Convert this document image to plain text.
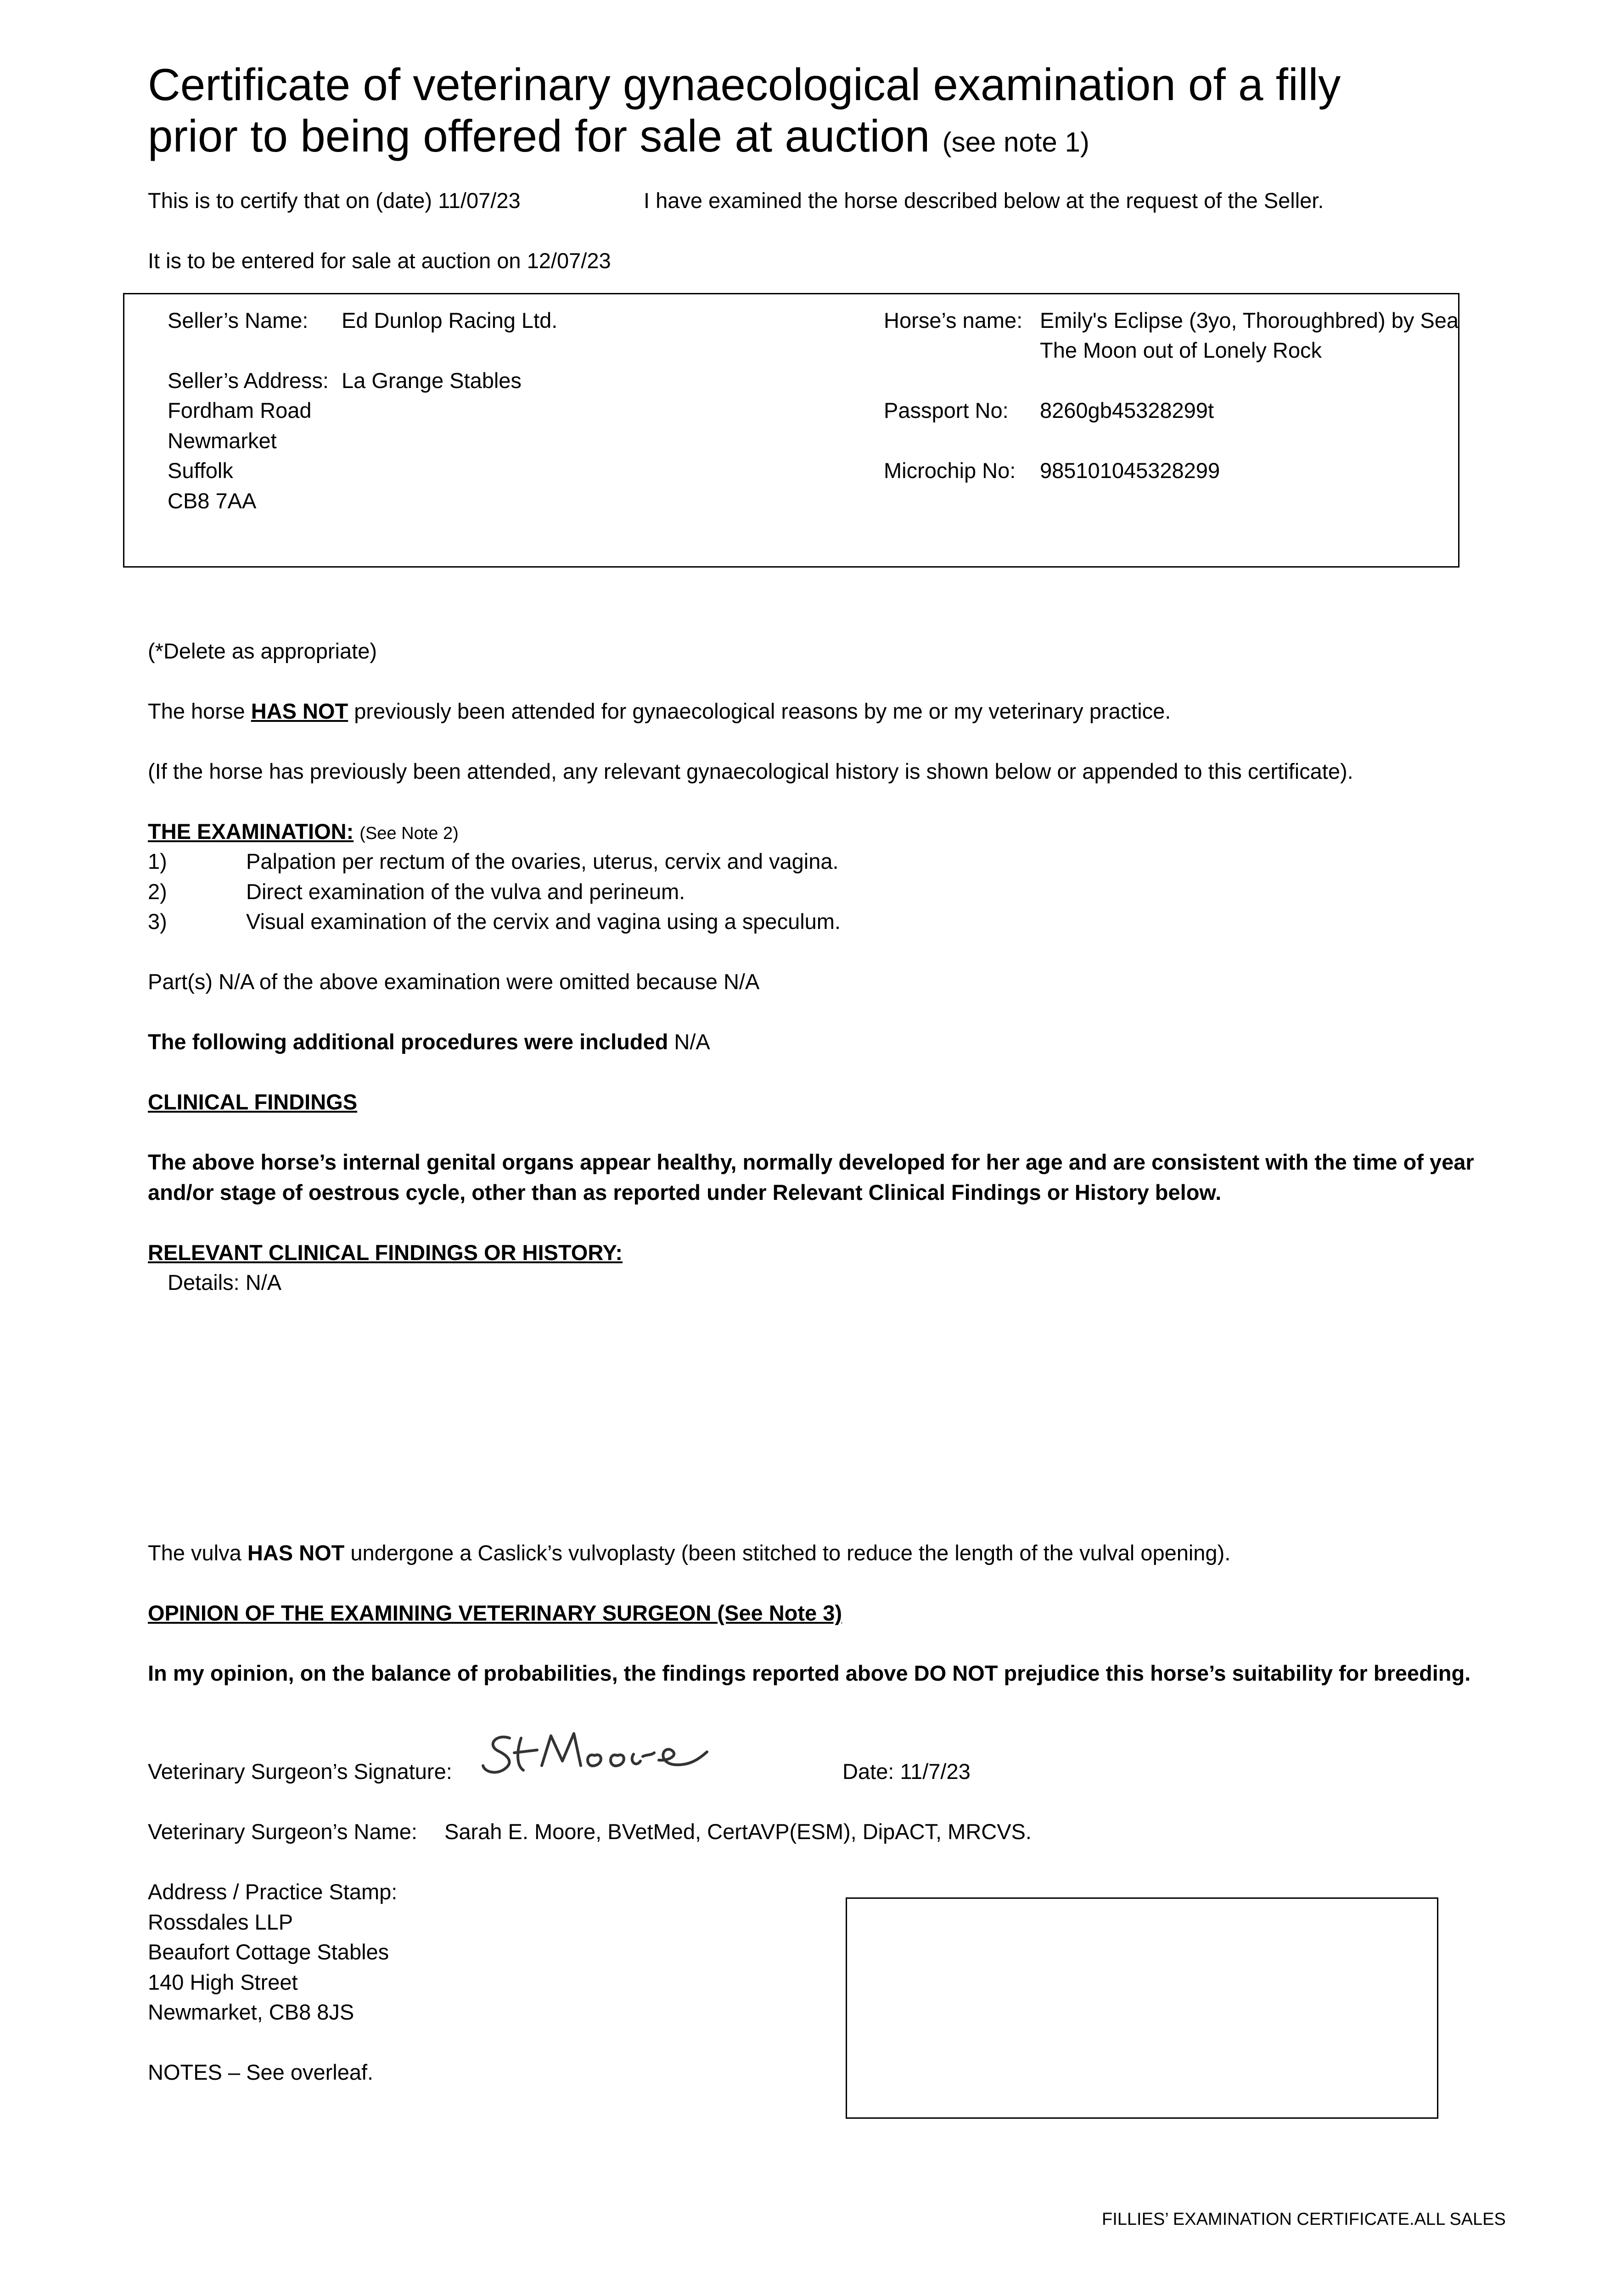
Certificate of veterinary gynaecological examination of a filly
prior to being offered for sale at auction (see note 1)
This is to certify that on (date) 11/07/23	I have examined the horse described below at the request of the Seller.
It is to be entered for sale at auction on 12/07/23
Seller’s Name: Ed Dunlop Racing Ltd.
Seller’s Address: La Grange Stables
Fordham Road
Newmarket
Suffolk
CB8 7AA
Horse’s name: Emily's Eclipse (3yo, Thoroughbred) by Sea
The Moon out of Lonely Rock
Passport No: 8260gb45328299t
Microchip No: 985101045328299
(*Delete as appropriate)
The horse HAS NOT previously been attended for gynaecological reasons by me or my veterinary practice.
(If the horse has previously been attended, any relevant gynaecological history is shown below or appended to this certificate).
THE EXAMINATION: (See Note 2)
1)	Palpation per rectum of the ovaries, uterus, cervix and vagina.
2)	Direct examination of the vulva and perineum.
3)	Visual examination of the cervix and vagina using a speculum.
Part(s) N/A of the above examination were omitted because N/A
The following additional procedures were included N/A
CLINICAL FINDINGS
The above horse’s internal genital organs appear healthy, normally developed for her age and are consistent with the time of year
and/or stage of oestrous cycle, other than as reported under Relevant Clinical Findings or History below.
RELEVANT CLINICAL FINDINGS OR HISTORY:
Details: N/A
The vulva HAS NOT undergone a Caslick’s vulvoplasty (been stitched to reduce the length of the vulval opening).
OPINION OF THE EXAMINING VETERINARY SURGEON (See Note 3)
In my opinion, on the balance of probabilities, the findings reported above DO NOT prejudice this horse’s suitability for breeding.
Veterinary Surgeon’s Signature:	Date: 11/7/23
Veterinary Surgeon’s Name: Sarah E. Moore, BVetMed, CertAVP(ESM), DipACT, MRCVS.
Address / Practice Stamp:
Rossdales LLP
Beaufort Cottage Stables
140 High Street
Newmarket, CB8 8JS
NOTES – See overleaf.
FILLIES’ EXAMINATION CERTIFICATE.ALL SALES
